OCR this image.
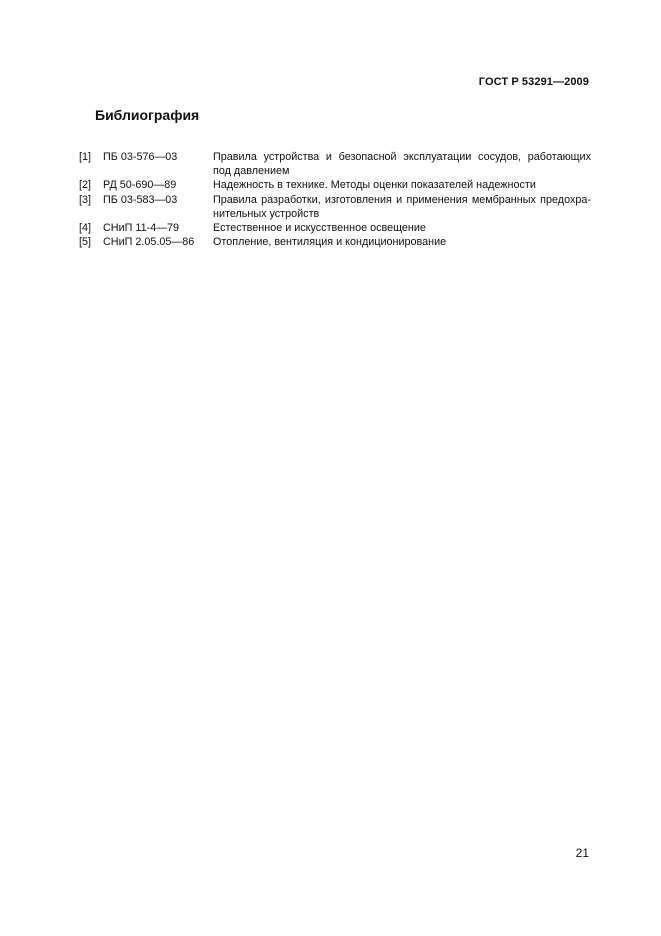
ГОСТ Р 53291—2009
Библиография
[1]	ПБ 03-576—03	Правила устройства и безопасной эксплуатации сосудов, работающих
под давлением
[2]	РД 50-690—89	Надежность в технике. Методы оценки показателей надежности
[3]	ПБ 03-583—03	Правила разработки, изготовления и применения мембранных предохра-
нительных устройств
[4]	СНиП 11-4—79	Естественное и искусственное освещение
[5]	СНиП 2.05.05—86	Отопление, вентиляция и кондиционирование
21
